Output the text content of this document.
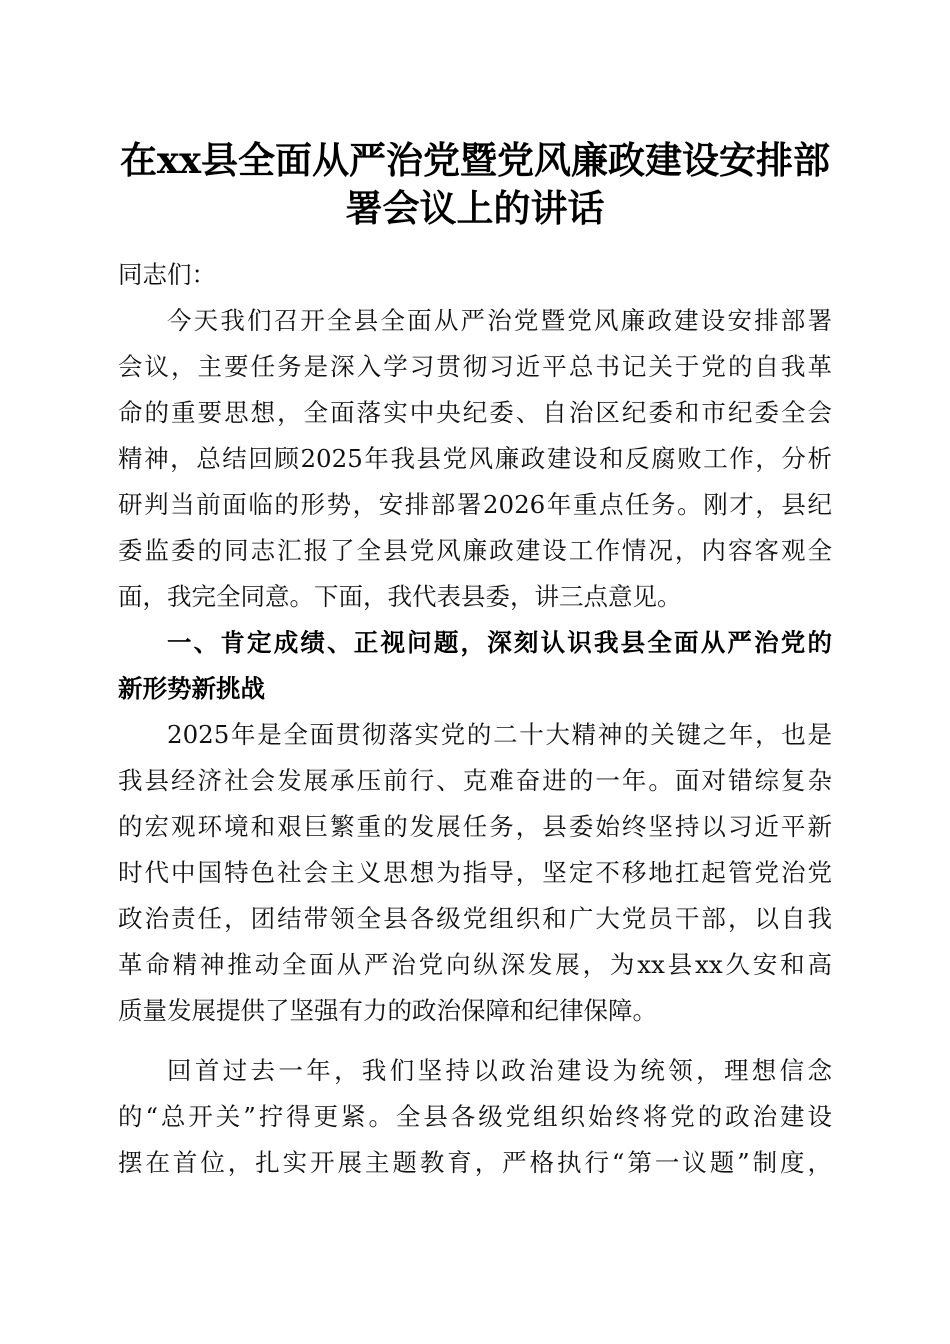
在xx县全面从严治党暨党风廉政建设安排部
署会议上的讲话
同志们：
今天我们召开全县全面从严治党暨党风廉政建设安排部署
会议，主要任务是深入学习贯彻习近平总书记关于党的自我革
命的重要思想，全面落实中央纪委、自治区纪委和市纪委全会
精神，总结回顾2025年我县党风廉政建设和反腐败工作，分析
研判当前面临的形势，安排部署2026年重点任务。刚才，县纪
委监委的同志汇报了全县党风廉政建设工作情况，内容客观全
面，我完全同意。下面，我代表县委，讲三点意见。
一、肯定成绩、正视问题，深刻认识我县全面从严治党的
新形势新挑战
2025年是全面贯彻落实党的二十大精神的关键之年，也是
我县经济社会发展承压前行、克难奋进的一年。面对错综复杂
的宏观环境和艰巨繁重的发展任务，县委始终坚持以习近平新
时代中国特色社会主义思想为指导，坚定不移地扛起管党治党
政治责任，团结带领全县各级党组织和广大党员干部，以自我
革命精神推动全面从严治党向纵深发展，为xx县xx久安和高
质量发展提供了坚强有力的政治保障和纪律保障。
回首过去一年，我们坚持以政治建设为统领，理想信念
的“总开关”拧得更紧。全县各级党组织始终将党的政治建设
摆在首位，扎实开展主题教育，严格执行“第一议题”制度，
